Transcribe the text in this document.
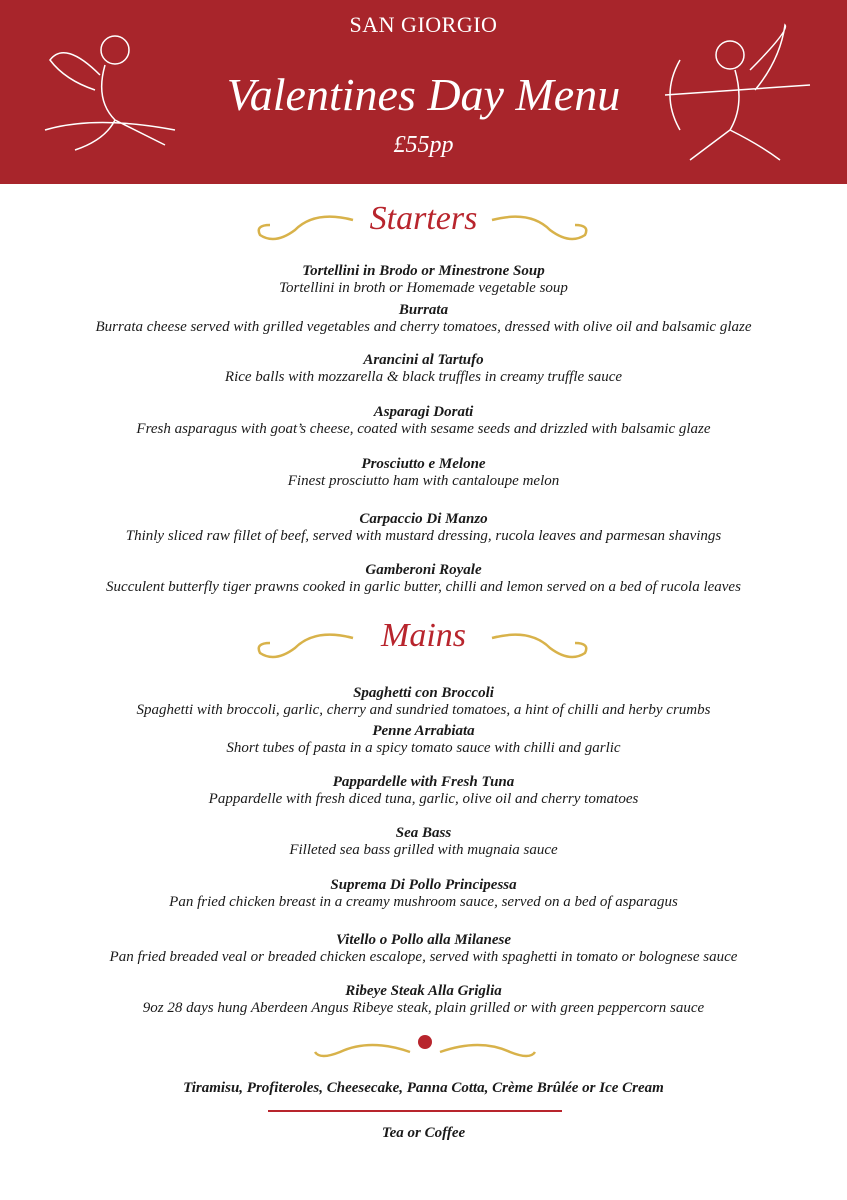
SAN GIORGIO
Valentines Day Menu
£55pp
Starters
Tortellini in Brodo or Minestrone Soup
Tortellini in broth or Homemade vegetable soup
Burrata
Burrata cheese served with grilled vegetables and cherry tomatoes, dressed with olive oil and balsamic glaze
Arancini al Tartufo
Rice balls with mozzarella & black truffles in creamy truffle sauce
Asparagi Dorati
Fresh asparagus with goat’s cheese, coated with sesame seeds and drizzled with balsamic glaze
Prosciutto e Melone
Finest prosciutto ham with cantaloupe melon
Carpaccio Di Manzo
Thinly sliced raw fillet of beef, served with mustard dressing, rucola leaves and parmesan shavings
Gamberoni Royale
Succulent butterfly tiger prawns cooked in garlic butter, chilli and lemon served on a bed of rucola leaves
Mains
Spaghetti con Broccoli
Spaghetti with broccoli, garlic, cherry and sundried tomatoes, a hint of chilli and herby crumbs
Penne Arrabiata
Short tubes of pasta in a spicy tomato sauce with chilli and garlic
Pappardelle with Fresh Tuna
Pappardelle with fresh diced tuna, garlic, olive oil and cherry tomatoes
Sea Bass
Filleted sea bass grilled with mugnaia sauce
Suprema Di Pollo Principessa
Pan fried chicken breast in a creamy mushroom sauce, served on a bed of asparagus
Vitello o Pollo alla Milanese
Pan fried breaded veal or breaded chicken escalope, served with spaghetti in tomato or bolognese sauce
Ribeye Steak Alla Griglia
9oz 28 days hung Aberdeen Angus Ribeye steak, plain grilled or with green peppercorn sauce
Tiramisu, Profiteroles, Cheesecake, Panna Cotta, Crème Brûlée or Ice Cream
Tea or Coffee
